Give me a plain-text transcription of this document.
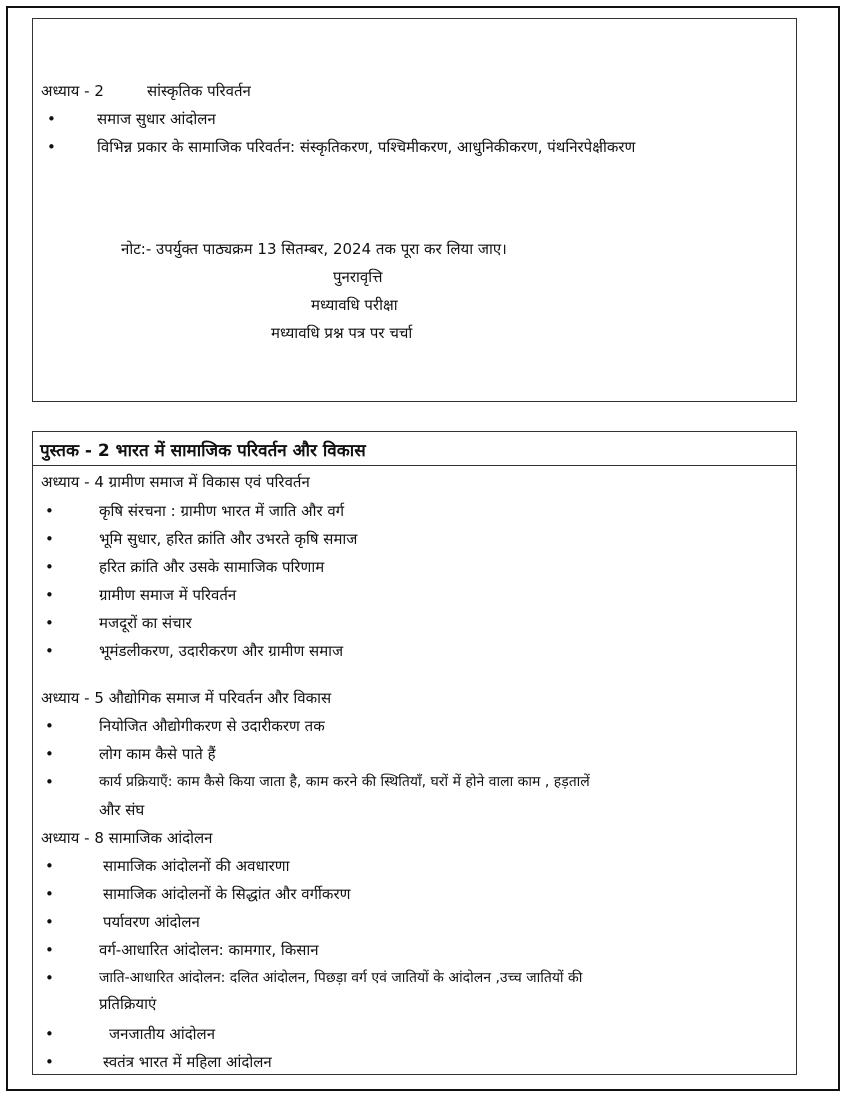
अध्याय - 2	सांस्कृतिक परिवर्तन
•	समाज सुधार आंदोलन
•	विभिन्न प्रकार के सामाजिक परिवर्तन: संस्कृतिकरण, पश्चिमीकरण, आधुनिकीकरण, पंथनिरपेक्षीकरण
नोट:- उपर्युक्त पाठ्यक्रम 13 सितम्बर, 2024 तक पूरा कर लिया जाए।
पुनरावृत्ति
मध्यावधि परीक्षा
मध्यावधि प्रश्न पत्र पर चर्चा
पुस्तक - 2 भारत में सामाजिक परिवर्तन और विकास
अध्याय - 4 ग्रामीण समाज में विकास एवं परिवर्तन
•	कृषि संरचना : ग्रामीण भारत में जाति और वर्ग
•	भूमि सुधार, हरित क्रांति और उभरते कृषि समाज
•	हरित क्रांति और उसके सामाजिक परिणाम
•	ग्रामीण समाज में परिवर्तन
•	मजदूरों का संचार
•	भूमंडलीकरण, उदारीकरण और ग्रामीण समाज
अध्याय - 5 औद्योगिक समाज में परिवर्तन और विकास
•	नियोजित औद्योगीकरण से उदारीकरण तक
•	लोग काम कैसे पाते हैं
•	कार्य प्रक्रियाएँ: काम कैसे किया जाता है, काम करने की स्थितियाँ, घरों में होने वाला काम , हड़तालें
और संघ
अध्याय - 8 सामाजिक आंदोलन
•	सामाजिक आंदोलनों की अवधारणा
•	सामाजिक आंदोलनों के सिद्धांत और वर्गीकरण
•	पर्यावरण आंदोलन
•	वर्ग-आधारित आंदोलन: कामगार, किसान
•	जाति-आधारित आंदोलन: दलित आंदोलन, पिछड़ा वर्ग एवं जातियों के आंदोलन ,उच्च जातियों की
प्रतिक्रियाएं
•	जनजातीय आंदोलन
•	स्वतंत्र भारत में महिला आंदोलन
